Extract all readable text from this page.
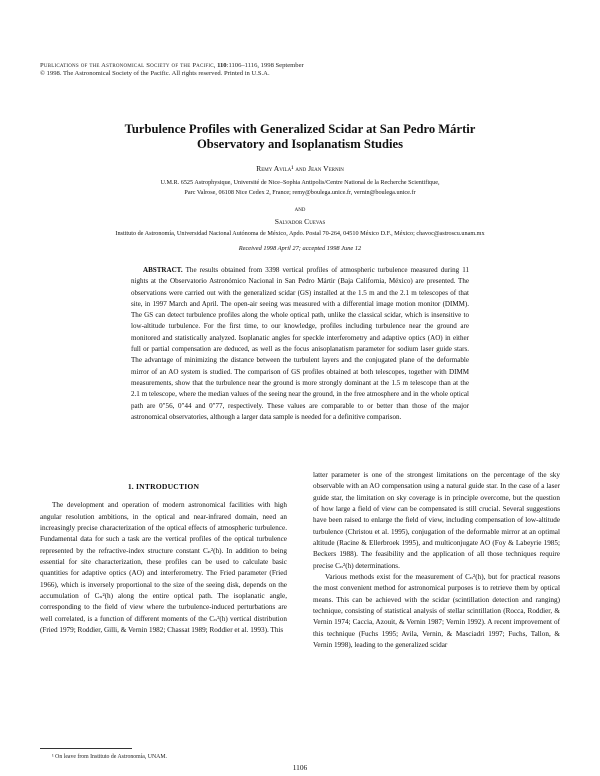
Publications of the Astronomical Society of the Pacific, 110:1106–1116, 1998 September
© 1998. The Astronomical Society of the Pacific. All rights reserved. Printed in U.S.A.
Turbulence Profiles with Generalized Scidar at San Pedro Mártir
Observatory and Isoplanatism Studies
Remy Avila¹ and Jean Vernin
U.M.R. 6525 Astrophysique, Université de Nice–Sophia Antipolis/Centre National de la Recherche Scientifique,
Parc Valrose, 06108 Nice Cedex 2, France; remy@boulega.unice.fr, vernin@boulega.unice.fr
and
Salvador Cuevas
Instituto de Astronomía, Universidad Nacional Autónoma de México, Apdo. Postal 70-264, 04510 México D.F., México; chavoc@astroscu.unam.mx
Received 1998 April 27; accepted 1998 June 12

ABSTRACT. The results obtained from 3398 vertical profiles of atmospheric turbulence measured during 11 nights at the Observatorio Astronómico Nacional in San Pedro Mártir (Baja California, México) are presented. The observations were carried out with the generalized scidar (GS) installed at the 1.5 m and the 2.1 m telescopes of that site, in 1997 March and April. The open-air seeing was measured with a differential image motion monitor (DIMM). The GS can detect turbulence profiles along the whole optical path, unlike the classical scidar, which is insensitive to low-altitude turbulence. For the first time, to our knowledge, profiles including turbulence near the ground are monitored and statistically analyzed. Isoplanatic angles for speckle interferometry and adaptive optics (AO) in either full or partial compensation are deduced, as well as the focus anisoplanatism parameter for sodium laser guide stars. The advantage of minimizing the distance between the turbulent layers and the conjugated plane of the deformable mirror of an AO system is studied. The comparison of GS profiles obtained at both telescopes, together with DIMM measurements, show that the turbulence near the ground is more strongly dominant at the 1.5 m telescope than at the 2.1 m telescope, where the median values of the seeing near the ground, in the free atmosphere and in the whole optical path are 0″56, 0″44 and 0″77, respectively. These values are comparable to or better than those of the major astronomical observatories, although a larger data sample is needed for a definitive comparison.

1. INTRODUCTION

The development and operation of modern astronomical facilities with high angular resolution ambitions, in the optical and near-infrared domain, need an increasingly precise characterization of the optical effects of atmospheric turbulence. Fundamental data for such a task are the vertical profiles of the optical turbulence represented by the refractive-index structure constant Cₙ²(h). In addition to being essential for site characterization, these profiles can be used to calculate basic quantities for adaptive optics (AO) and interferometry. The Fried parameter (Fried 1966), which is inversely proportional to the size of the seeing disk, depends on the accumulation of Cₙ²(h) along the entire optical path. The isoplanatic angle, corresponding to the field of view where the turbulence-induced perturbations are well correlated, is a function of different moments of the Cₙ²(h) vertical distribution (Fried 1979; Roddier, Gilli, & Vernin 1982; Chassat 1989; Roddier et al. 1993). This

latter parameter is one of the strongest limitations on the percentage of the sky observable with an AO compensation using a natural guide star. In the case of a laser guide star, the limitation on sky coverage is in principle overcome, but the question of how large a field of view can be compensated is still crucial. Several suggestions have been raised to enlarge the field of view, including compensation of low-altitude turbulence (Christou et al. 1995), conjugation of the deformable mirror at an optimal altitude (Racine & Ellerbroek 1995), and multiconjugate AO (Foy & Labeyrie 1985; Beckers 1988). The feasibility and the application of all those techniques require precise Cₙ²(h) determinations.

Various methods exist for the measurement of Cₙ²(h), but for practical reasons the most convenient method for astronomical purposes is to retrieve them by optical means. This can be achieved with the scidar (scintillation detection and ranging) technique, consisting of statistical analysis of stellar scintillation (Rocca, Roddier, & Vernin 1974; Caccia, Azouit, & Vernin 1987; Vernin 1992). A recent improvement of this technique (Fuchs 1995; Avila, Vernin, & Masciadri 1997; Fuchs, Tallon, & Vernin 1998), leading to the generalized scidar

¹ On leave from Instituto de Astronomía, UNAM.
1106
